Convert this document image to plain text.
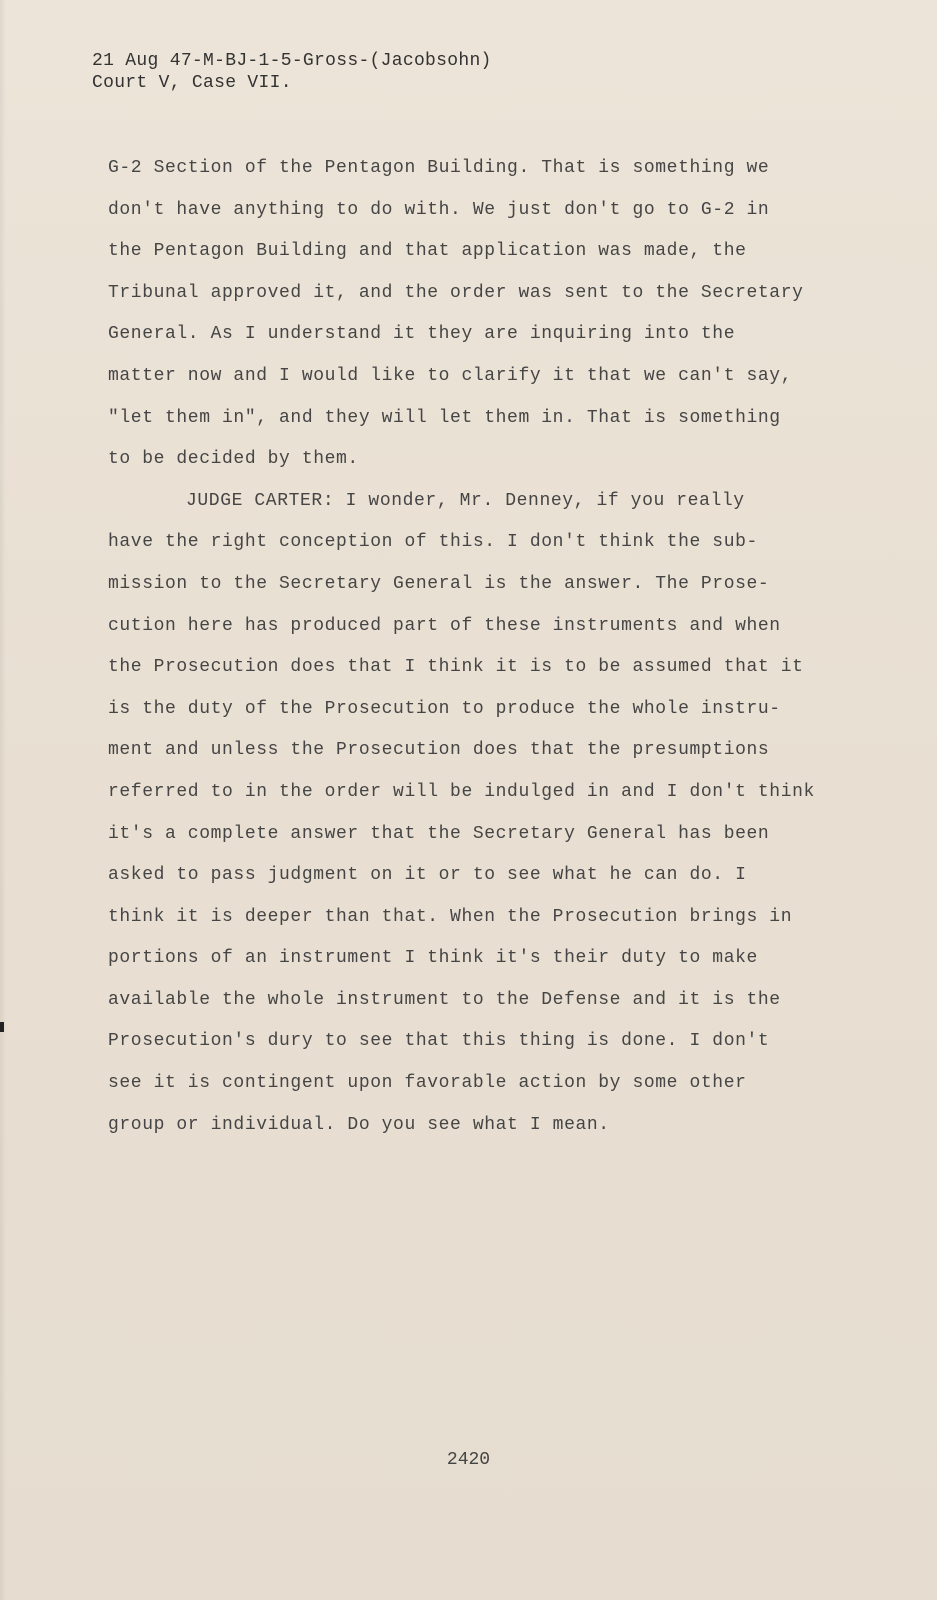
21 Aug 47-M-BJ-1-5-Gross-(Jacobsohn)
Court V, Case VII.
G-2 Section of the Pentagon Building. That is something we
don't have anything to do with. We just don't go to G-2 in
the Pentagon Building and that application was made, the
Tribunal approved it, and the order was sent to the Secretary
General. As I understand it they are inquiring into the
matter now and I would like to clarify it that we can't say,
"let them in", and they will let them in. That is something
to be decided by them.
JUDGE CARTER: I wonder, Mr. Denney, if you really
have the right conception of this. I don't think the sub-
mission to the Secretary General is the answer. The Prose-
cution here has produced part of these instruments and when
the Prosecution does that I think it is to be assumed that it
is the duty of the Prosecution to produce the whole instru-
ment and unless the Prosecution does that the presumptions
referred to in the order will be indulged in and I don't think
it's a complete answer that the Secretary General has been
asked to pass judgment on it or to see what he can do. I
think it is deeper than that. When the Prosecution brings in
portions of an instrument I think it's their duty to make
available the whole instrument to the Defense and it is the
Prosecution's dury to see that this thing is done. I don't
see it is contingent upon favorable action by some other
group or individual. Do you see what I mean.
2420
